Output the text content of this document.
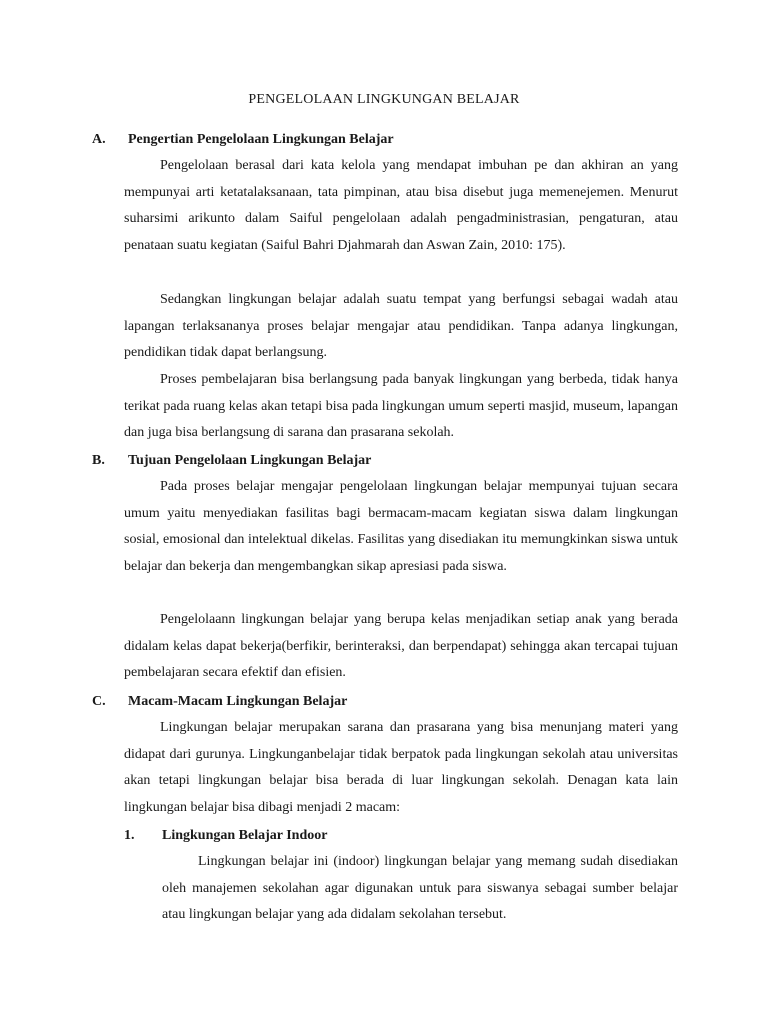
PENGELOLAAN LINGKUNGAN BELAJAR
A.	Pengertian Pengelolaan Lingkungan Belajar

Pengelolaan berasal dari kata kelola yang mendapat imbuhan pe dan akhiran an yang mempunyai arti ketatalaksanaan, tata pimpinan, atau bisa disebut juga memenejemen. Menurut suharsimi arikunto dalam Saiful pengelolaan adalah pengadministrasian, pengaturan, atau penataan suatu kegiatan (Saiful Bahri Djahmarah dan Aswan Zain, 2010: 175).

Sedangkan lingkungan belajar adalah suatu tempat yang berfungsi sebagai wadah atau lapangan terlaksananya proses belajar mengajar atau pendidikan. Tanpa adanya lingkungan, pendidikan tidak dapat berlangsung.

Proses pembelajaran bisa berlangsung pada banyak lingkungan yang berbeda, tidak hanya terikat pada ruang kelas akan tetapi bisa pada lingkungan umum seperti masjid, museum, lapangan dan juga bisa berlangsung di sarana dan prasarana sekolah.

B.	Tujuan Pengelolaan Lingkungan Belajar

Pada proses belajar mengajar pengelolaan lingkungan belajar mempunyai tujuan secara umum yaitu menyediakan fasilitas bagi bermacam-macam kegiatan siswa dalam lingkungan sosial, emosional dan intelektual dikelas. Fasilitas yang disediakan itu memungkinkan siswa untuk belajar dan bekerja dan mengembangkan sikap apresiasi pada siswa.

Pengelolaann lingkungan belajar yang berupa kelas menjadikan setiap anak yang berada didalam kelas dapat bekerja(berfikir, berinteraksi, dan berpendapat) sehingga akan tercapai tujuan pembelajaran secara efektif dan efisien.

C.	Macam-Macam Lingkungan Belajar

Lingkungan belajar merupakan sarana dan prasarana yang bisa menunjang materi yang didapat dari gurunya. Lingkunganbelajar tidak berpatok pada lingkungan sekolah atau universitas akan tetapi lingkungan belajar bisa berada di luar lingkungan sekolah. Denagan kata lain lingkungan belajar bisa dibagi menjadi 2 macam:

1.	Lingkungan Belajar Indoor

Lingkungan belajar ini (indoor) lingkungan belajar yang memang sudah disediakan oleh manajemen sekolahan agar digunakan untuk para siswanya sebagai sumber belajar atau lingkungan belajar yang ada didalam sekolahan tersebut.
